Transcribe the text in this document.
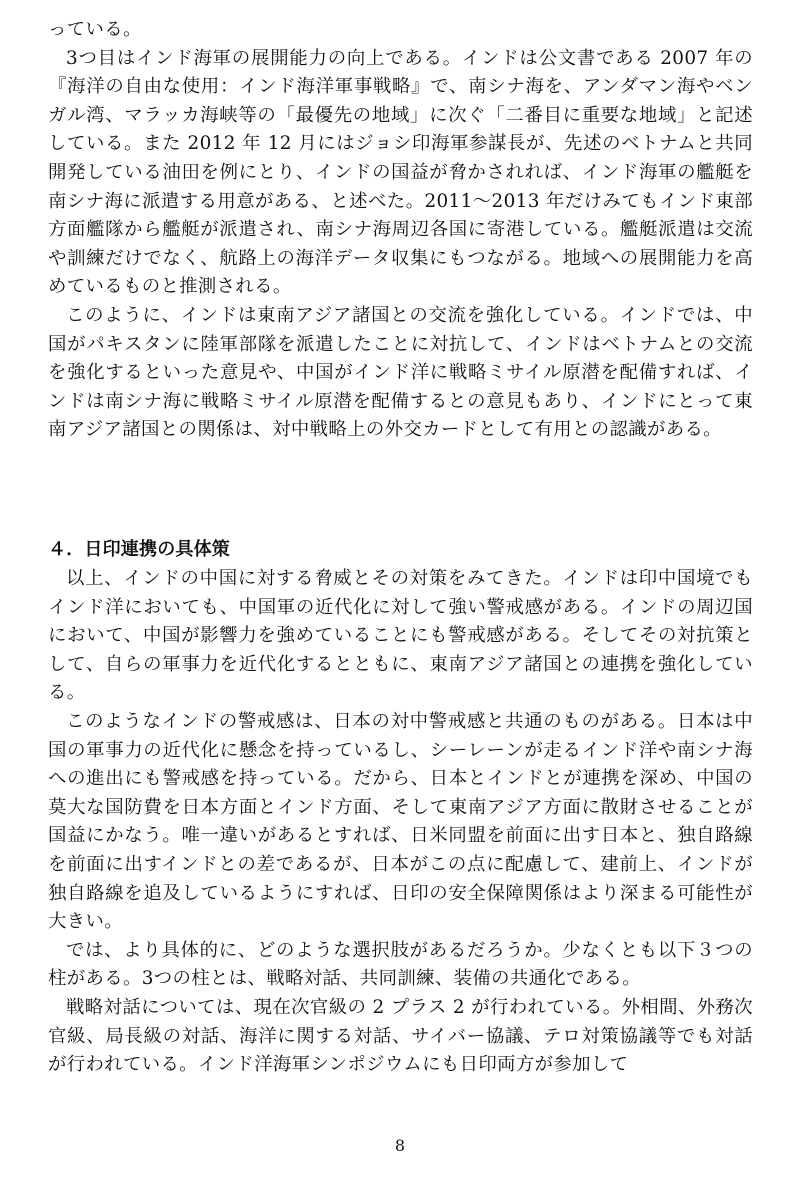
っている。

3つ目はインド海軍の展開能力の向上である。インドは公文書である 2007 年の『海洋の自由な使用：インド海洋軍事戦略』で、南シナ海を、アンダマン海やベンガル湾、マラッカ海峡等の「最優先の地域」に次ぐ「二番目に重要な地域」と記述している。また 2012 年 12 月にはジョシ印海軍参謀長が、先述のベトナムと共同開発している油田を例にとり、インドの国益が脅かされれば、インド海軍の艦艇を南シナ海に派遣する用意がある、と述べた。2011～2013 年だけみてもインド東部方面艦隊から艦艇が派遣され、南シナ海周辺各国に寄港している。艦艇派遣は交流や訓練だけでなく、航路上の海洋データ収集にもつながる。地域への展開能力を高めているものと推測される。

このように、インドは東南アジア諸国との交流を強化している。インドでは、中国がパキスタンに陸軍部隊を派遣したことに対抗して、インドはベトナムとの交流を強化するといった意見や、中国がインド洋に戦略ミサイル原潜を配備すれば、インドは南シナ海に戦略ミサイル原潜を配備するとの意見もあり、インドにとって東南アジア諸国との関係は、対中戦略上の外交カードとして有用との認識がある。

４．日印連携の具体策

以上、インドの中国に対する脅威とその対策をみてきた。インドは印中国境でもインド洋においても、中国軍の近代化に対して強い警戒感がある。インドの周辺国において、中国が影響力を強めていることにも警戒感がある。そしてその対抗策として、自らの軍事力を近代化するとともに、東南アジア諸国との連携を強化している。

このようなインドの警戒感は、日本の対中警戒感と共通のものがある。日本は中国の軍事力の近代化に懸念を持っているし、シーレーンが走るインド洋や南シナ海への進出にも警戒感を持っている。だから、日本とインドとが連携を深め、中国の莫大な国防費を日本方面とインド方面、そして東南アジア方面に散財させることが国益にかなう。唯一違いがあるとすれば、日米同盟を前面に出す日本と、独自路線を前面に出すインドとの差であるが、日本がこの点に配慮して、建前上、インドが独自路線を追及しているようにすれば、日印の安全保障関係はより深まる可能性が大きい。

では、より具体的に、どのような選択肢があるだろうか。少なくとも以下３つの柱がある。3つの柱とは、戦略対話、共同訓練、装備の共通化である。

戦略対話については、現在次官級の 2 プラス 2 が行われている。外相間、外務次官級、局長級の対話、海洋に関する対話、サイバー協議、テロ対策協議等でも対話が行われている。インド洋海軍シンポジウムにも日印両方が参加して

8
